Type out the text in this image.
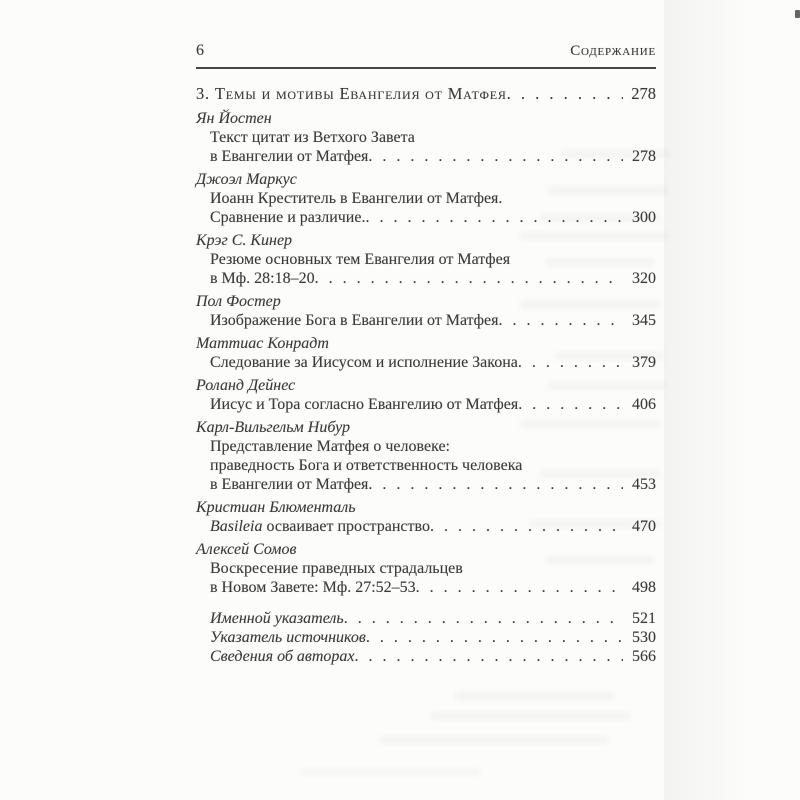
6	Содержание
3. Темы и мотивы Евангелия от Матфея . . .	278
Ян Йостен
Текст цитат из Ветхого Завета
в Евангелии от Матфея . . .	278
Джоэл Маркус
Иоанн Креститель в Евангелии от Матфея.
Сравнение и различие. . . .	300
Крэг С. Кинер
Резюме основных тем Евангелия от Матфея
в Мф. 28:18–20 . . .	320
Пол Фостер
Изображение Бога в Евангелии от Матфея . . .	345
Маттиас Конрадт
Следование за Иисусом и исполнение Закона . . .	379
Роланд Дейнес
Иисус и Тора согласно Евангелию от Матфея . . .	406
Карл-Вильгельм Нибур
Представление Матфея о человеке:
праведность Бога и ответственность человека
в Евангелии от Матфея . . .	453
Кристиан Блюменталь
Basileia осваивает пространство . . .	470
Алексей Сомов
Воскресение праведных страдальцев
в Новом Завете: Мф. 27:52–53 . . .	498
Именной указатель . . .	521
Указатель источников . . .	530
Сведения об авторах . . .	566
